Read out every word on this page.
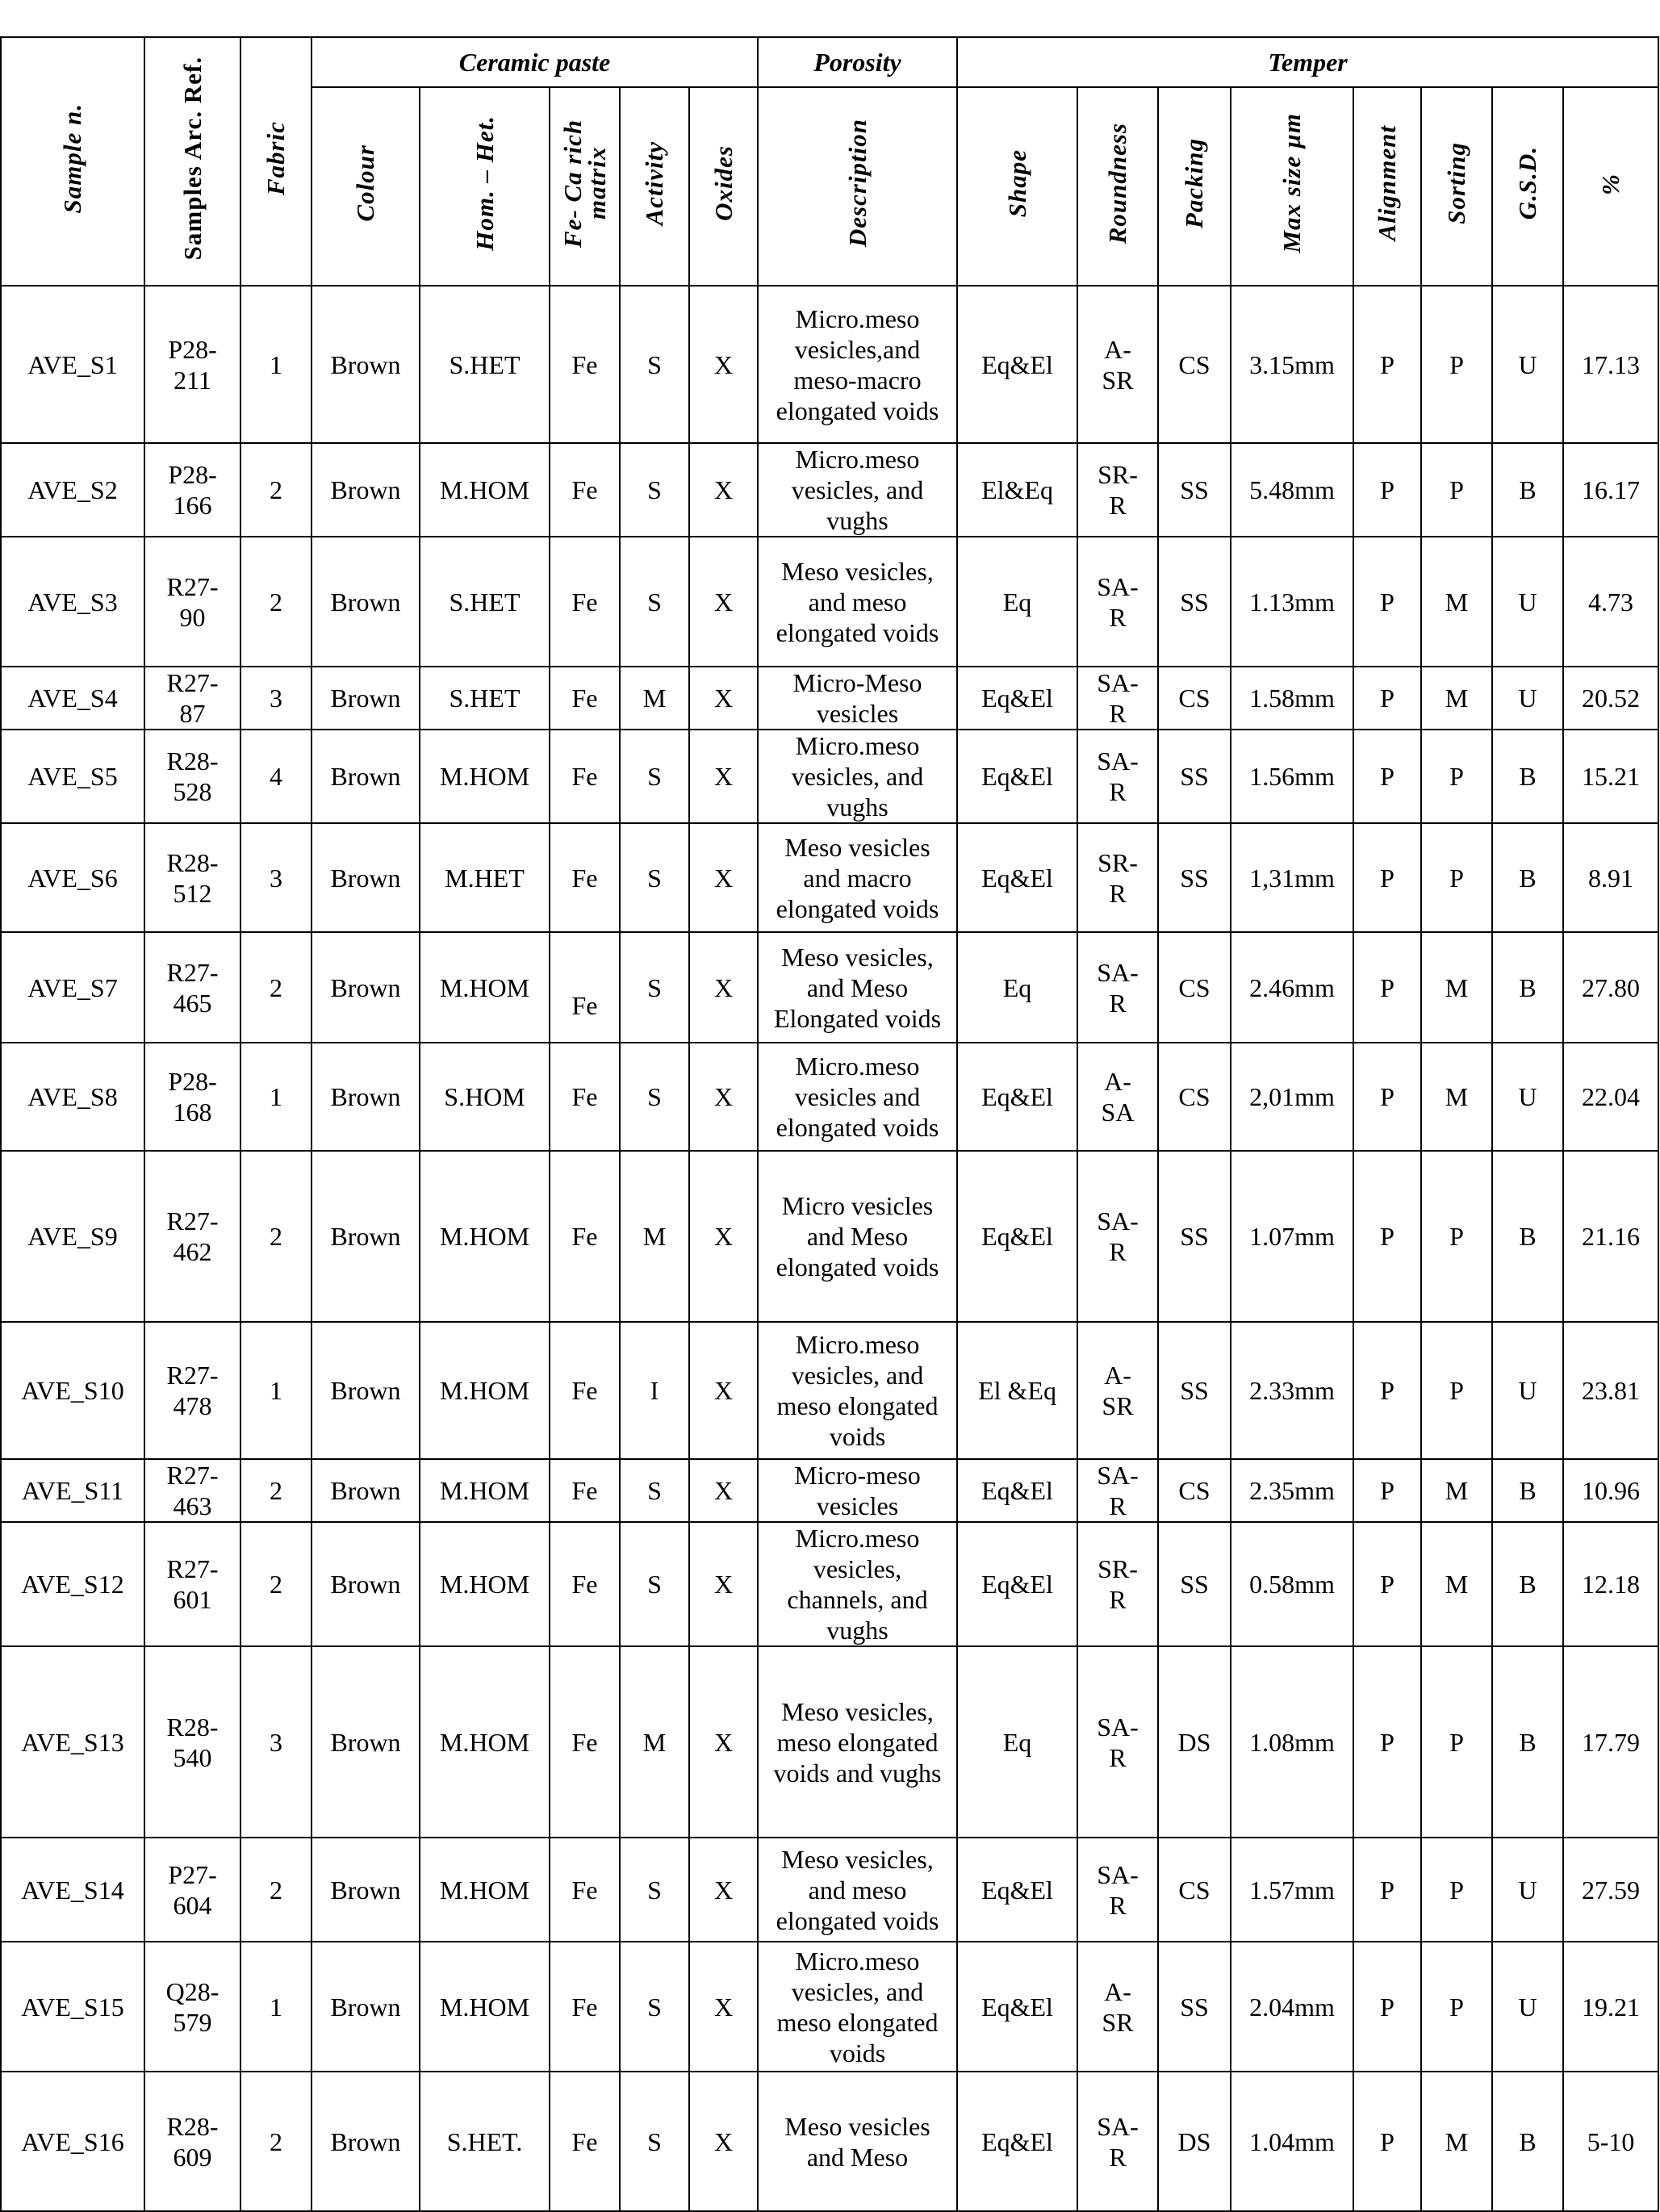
Sample n.	Samples Arc. Ref.	Fabric	Ceramic paste					Porosity	Temper							
			Colour	Hom. – Het.	Fe- Ca rich matrix	Activity	Oxides	Description	Shape	Roundness	Packing	Max size µm	Alignment	Sorting	G.S.D.	%
AVE_S1	P28-211	1	Brown	S.HET	Fe	S	X	Micro.meso vesicles,and meso-macro elongated voids	Eq&El	A-SR	CS	3.15mm	P	P	U	17.13
AVE_S2	P28-166	2	Brown	M.HOM	Fe	S	X	Micro.meso vesicles, and vughs	El&Eq	SR-R	SS	5.48mm	P	P	B	16.17
AVE_S3	R27-90	2	Brown	S.HET	Fe	S	X	Meso vesicles, and meso elongated voids	Eq	SA-R	SS	1.13mm	P	M	U	4.73
AVE_S4	R27-87	3	Brown	S.HET	Fe	M	X	Micro-Meso vesicles	Eq&El	SA-R	CS	1.58mm	P	M	U	20.52
AVE_S5	R28-528	4	Brown	M.HOM	Fe	S	X	Micro.meso vesicles, and vughs	Eq&El	SA-R	SS	1.56mm	P	P	B	15.21
AVE_S6	R28-512	3	Brown	M.HET	Fe	S	X	Meso vesicles and macro elongated voids	Eq&El	SR-R	SS	1,31mm	P	P	B	8.91
AVE_S7	R27-465	2	Brown	M.HOM	Fe	S	X	Meso vesicles, and Meso Elongated voids	Eq	SA-R	CS	2.46mm	P	M	B	27.80
AVE_S8	P28-168	1	Brown	S.HOM	Fe	S	X	Micro.meso vesicles and elongated voids	Eq&El	A-SA	CS	2,01mm	P	M	U	22.04
AVE_S9	R27-462	2	Brown	M.HOM	Fe	M	X	Micro vesicles and Meso elongated voids	Eq&El	SA-R	SS	1.07mm	P	P	B	21.16
AVE_S10	R27-478	1	Brown	M.HOM	Fe	I	X	Micro.meso vesicles, and meso elongated voids	El &Eq	A-SR	SS	2.33mm	P	P	U	23.81
AVE_S11	R27-463	2	Brown	M.HOM	Fe	S	X	Micro-meso vesicles	Eq&El	SA-R	CS	2.35mm	P	M	B	10.96
AVE_S12	R27-601	2	Brown	M.HOM	Fe	S	X	Micro.meso vesicles, channels, and vughs	Eq&El	SR-R	SS	0.58mm	P	M	B	12.18
AVE_S13	R28-540	3	Brown	M.HOM	Fe	M	X	Meso vesicles, meso elongated voids and vughs	Eq	SA-R	DS	1.08mm	P	P	B	17.79
AVE_S14	P27-604	2	Brown	M.HOM	Fe	S	X	Meso vesicles, and meso elongated voids	Eq&El	SA-R	CS	1.57mm	P	P	U	27.59
AVE_S15	Q28-579	1	Brown	M.HOM	Fe	S	X	Micro.meso vesicles, and meso elongated voids	Eq&El	A-SR	SS	2.04mm	P	P	U	19.21
AVE_S16	R28-609	2	Brown	S.HET.	Fe	S	X	Meso vesicles and Meso	Eq&El	SA-R	DS	1.04mm	P	M	B	5-10
